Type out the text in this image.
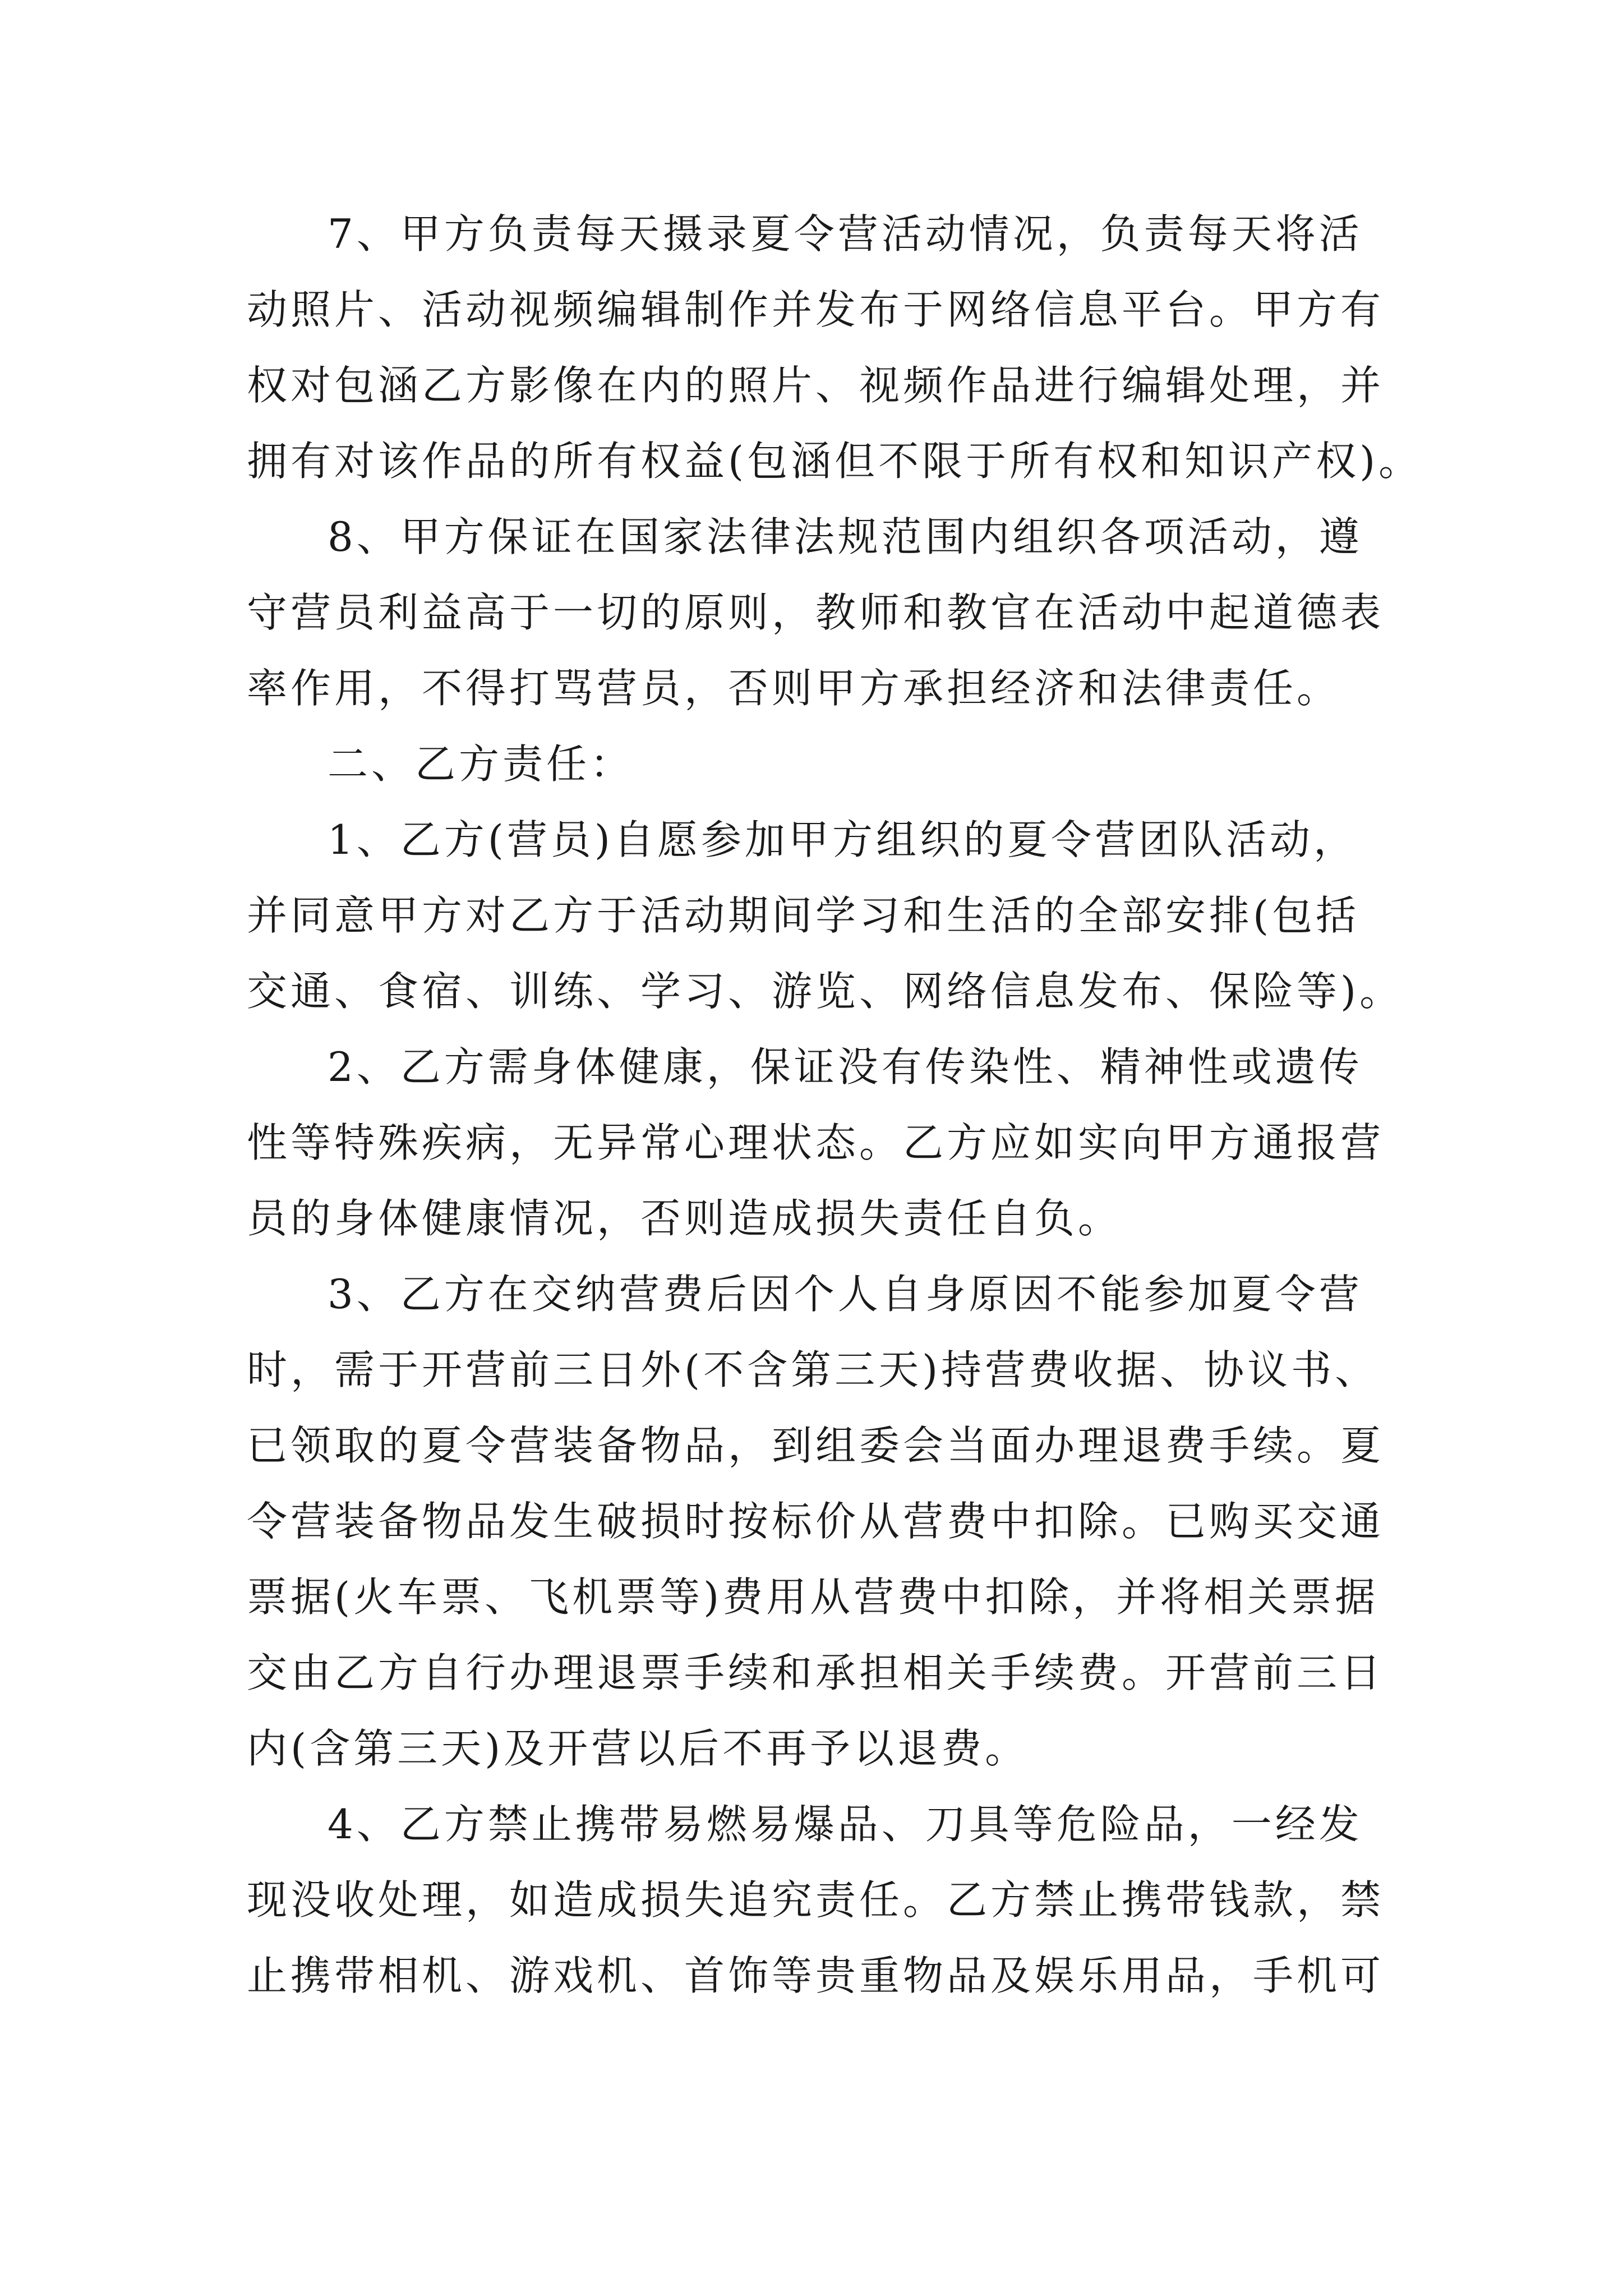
7、甲方负责每天摄录夏令营活动情况，负责每天将活
动照片、活动视频编辑制作并发布于网络信息平台。甲方有
权对包涵乙方影像在内的照片、视频作品进行编辑处理，并
拥有对该作品的所有权益(包涵但不限于所有权和知识产权)。
8、甲方保证在国家法律法规范围内组织各项活动，遵
守营员利益高于一切的原则，教师和教官在活动中起道德表
率作用，不得打骂营员，否则甲方承担经济和法律责任。
二、乙方责任：
1、乙方(营员)自愿参加甲方组织的夏令营团队活动，
并同意甲方对乙方于活动期间学习和生活的全部安排(包括
交通、食宿、训练、学习、游览、网络信息发布、保险等)。
2、乙方需身体健康，保证没有传染性、精神性或遗传
性等特殊疾病，无异常心理状态。乙方应如实向甲方通报营
员的身体健康情况，否则造成损失责任自负。
3、乙方在交纳营费后因个人自身原因不能参加夏令营
时，需于开营前三日外(不含第三天)持营费收据、协议书、
已领取的夏令营装备物品，到组委会当面办理退费手续。夏
令营装备物品发生破损时按标价从营费中扣除。已购买交通
票据(火车票、飞机票等)费用从营费中扣除，并将相关票据
交由乙方自行办理退票手续和承担相关手续费。开营前三日
内(含第三天)及开营以后不再予以退费。
4、乙方禁止携带易燃易爆品、刀具等危险品，一经发
现没收处理，如造成损失追究责任。乙方禁止携带钱款，禁
止携带相机、游戏机、首饰等贵重物品及娱乐用品，手机可
